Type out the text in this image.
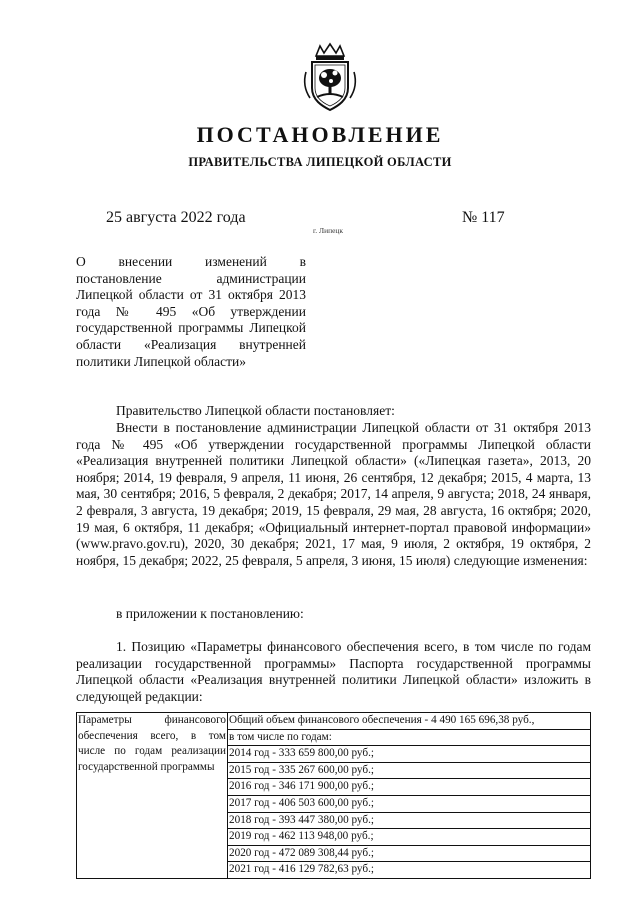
ПОСТАНОВЛЕНИЕ
ПРАВИТЕЛЬСТВА ЛИПЕЦКОЙ ОБЛАСТИ
25 августа 2022 года
г. Липецк
№ 117
О внесении изменений в постановление администрации Липецкой области от 31 октября 2013 года № 495 «Об утверждении государственной программы Липецкой области «Реализация внутренней политики Липецкой области»
Правительство Липецкой области постановляет:
Внести в постановление администрации Липецкой области от 31 октября 2013 года № 495 «Об утверждении государственной программы Липецкой области «Реализация внутренней политики Липецкой области» («Липецкая газета», 2013, 20 ноября; 2014, 19 февраля, 9 апреля, 11 июня, 26 сентября, 12 декабря; 2015, 4 марта, 13 мая, 30 сентября; 2016, 5 февраля, 2 декабря; 2017, 14 апреля, 9 августа; 2018, 24 января, 2 февраля, 3 августа, 19 декабря; 2019, 15 февраля, 29 мая, 28 августа, 16 октября; 2020, 19 мая, 6 октября, 11 декабря; «Официальный интернет-портал правовой информации» (www.pravo.gov.ru), 2020, 30 декабря; 2021, 17 мая, 9 июля, 2 октября, 19 октября, 2 ноября, 15 декабря; 2022, 25 февраля, 5 апреля, 3 июня, 15 июля) следующие изменения:
в приложении к постановлению:
1. Позицию «Параметры финансового обеспечения всего, в том числе по годам реализации государственной программы» Паспорта государственной программы Липецкой области «Реализация внутренней политики Липецкой области» изложить в следующей редакции:
Параметры финансового обеспечения всего, в том числе по годам реализации государственной программы	
Общий объем финансового обеспечения - 4 490 165 696,38 руб.,
в том числе по годам:
2014 год - 333 659 800,00 руб.;
2015 год - 335 267 600,00 руб.;
2016 год - 346 171 900,00 руб.;
2017 год - 406 503 600,00 руб.;
2018 год - 393 447 380,00 руб.;
2019 год - 462 113 948,00 руб.;
2020 год - 472 089 308,44 руб.;
2021 год - 416 129 782,63 руб.;
